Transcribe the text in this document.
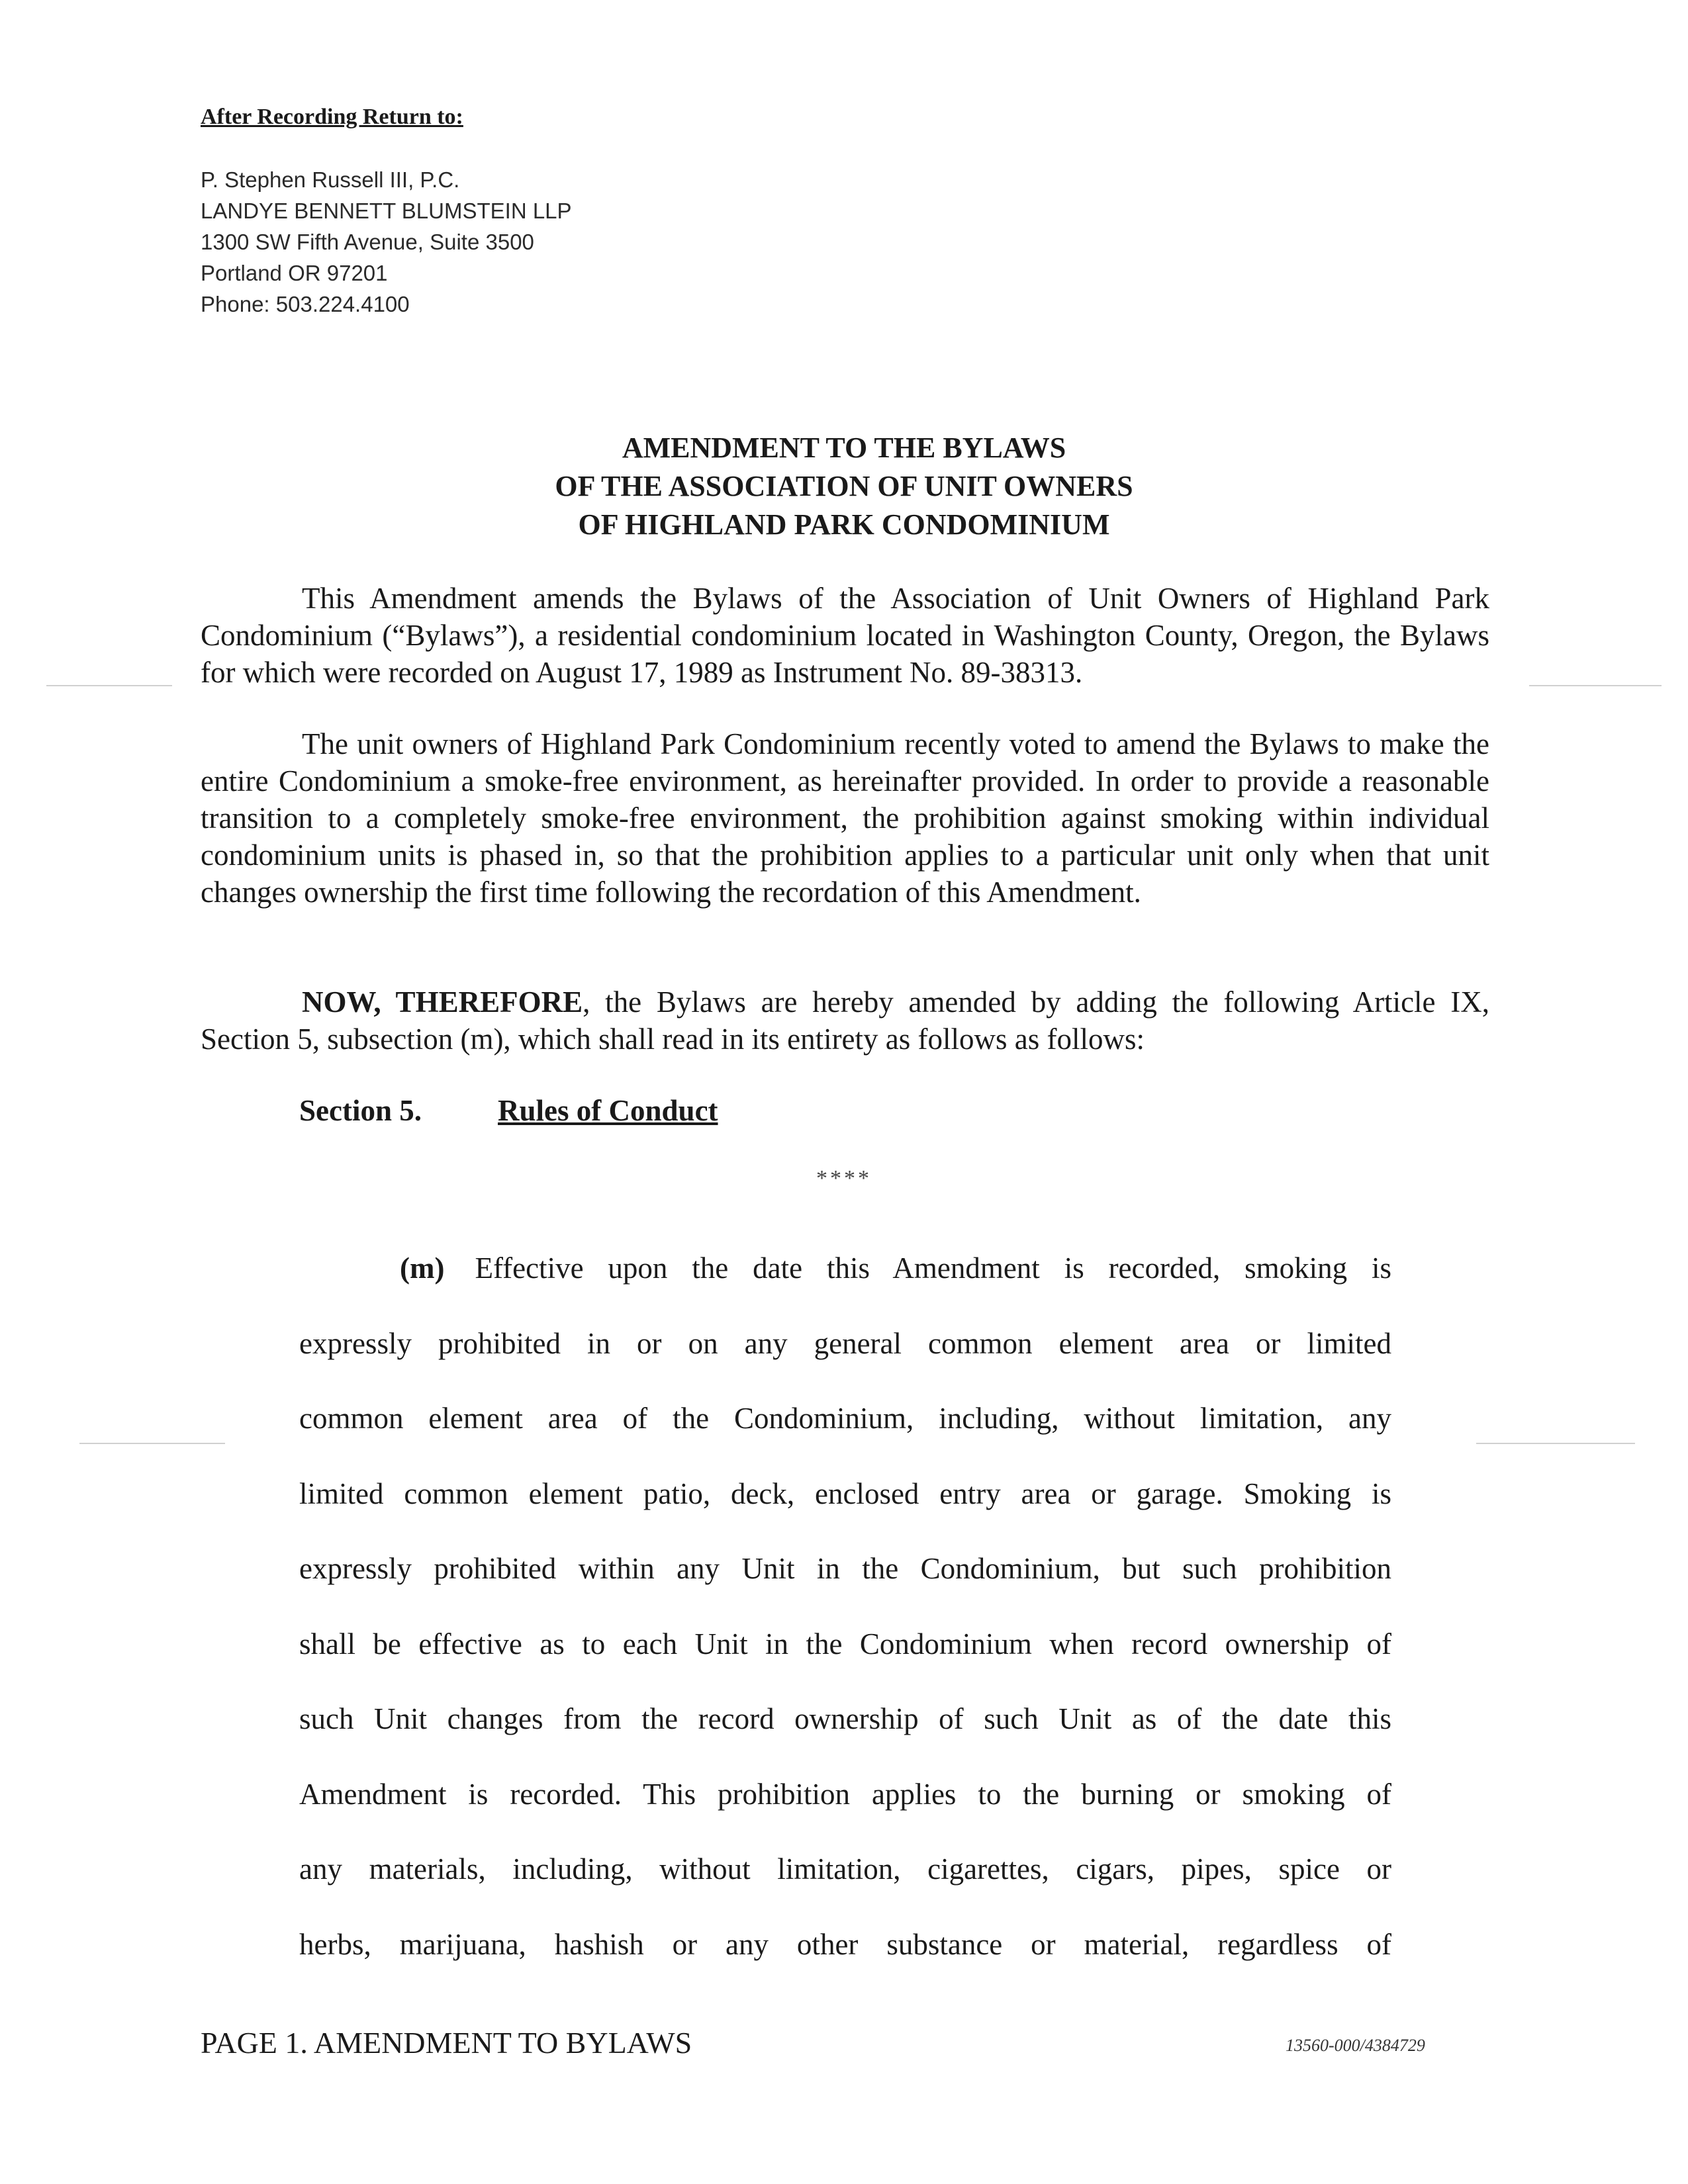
After Recording Return to:
P. Stephen Russell III, P.C.
LANDYE BENNETT BLUMSTEIN LLP
1300 SW Fifth Avenue, Suite 3500
Portland OR 97201
Phone: 503.224.4100
AMENDMENT TO THE BYLAWS
OF THE ASSOCIATION OF UNIT OWNERS
OF HIGHLAND PARK CONDOMINIUM

This Amendment amends the Bylaws of the Association of Unit Owners of Highland Park Condominium (“Bylaws”), a residential condominium located in Washington County, Oregon, the Bylaws for which were recorded on August 17, 1989 as Instrument No. 89-38313.

The unit owners of Highland Park Condominium recently voted to amend the Bylaws to make the entire Condominium a smoke-free environment, as hereinafter provided. In order to provide a reasonable transition to a completely smoke-free environment, the prohibition against smoking within individual condominium units is phased in, so that the prohibition applies to a particular unit only when that unit changes ownership the first time following the recordation of this Amendment.

NOW, THEREFORE, the Bylaws are hereby amended by adding the following Article IX, Section 5, subsection (m), which shall read in its entirety as follows as follows:

Section 5.	Rules of Conduct
****
(m) Effective upon the date this Amendment is recorded, smoking is
expressly prohibited in or on any general common element area or limited
common element area of the Condominium, including, without limitation, any
limited common element patio, deck, enclosed entry area or garage. Smoking is
expressly prohibited within any Unit in the Condominium, but such prohibition
shall be effective as to each Unit in the Condominium when record ownership of
such Unit changes from the record ownership of such Unit as of the date this
Amendment is recorded. This prohibition applies to the burning or smoking of
any materials, including, without limitation, cigarettes, cigars, pipes, spice or
herbs, marijuana, hashish or any other substance or material, regardless of
PAGE 1. AMENDMENT TO BYLAWS	13560-000/4384729
